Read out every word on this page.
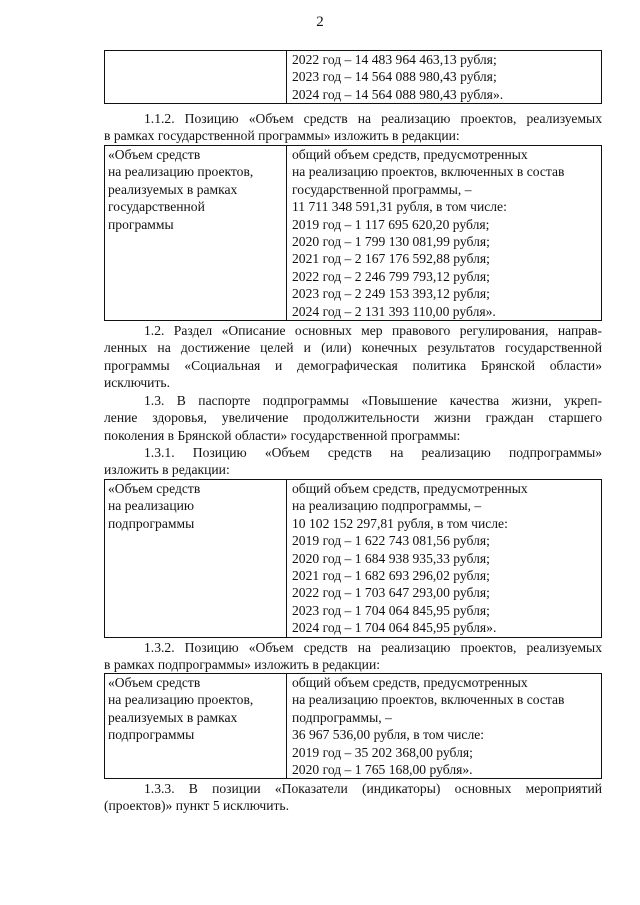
2

2022 год – 14 483 964 463,13 рубля;
2023 год – 14 564 088 980,43 рубля;
2024 год – 14 564 088 980,43 рубля».
1.1.2. Позицию «Объем средств на реализацию проектов, реализуемых
в рамках государственной программы» изложить в редакции:
«Объем средств
на реализацию проектов,
реализуемых в рамках
государственной
программы

общий объем средств, предусмотренных
на реализацию проектов, включенных в состав
государственной программы, –
11 711 348 591,31 рубля, в том числе:
2019 год – 1 117 695 620,20 рубля;
2020 год – 1 799 130 081,99 рубля;
2021 год – 2 167 176 592,88 рубля;
2022 год – 2 246 799 793,12 рубля;
2023 год – 2 249 153 393,12 рубля;
2024 год – 2 131 393 110,00 рубля».
1.2. Раздел «Описание основных мер правового регулирования, направ-
ленных на достижение целей и (или) конечных результатов государственной
программы «Социальная и демографическая политика Брянской области»
исключить.
1.3. В паспорте подпрограммы «Повышение качества жизни, укреп-
ление здоровья, увеличение продолжительности жизни граждан старшего
поколения в Брянской области» государственной программы:
1.3.1. Позицию «Объем средств на реализацию подпрограммы»
изложить в редакции:
«Объем средств
на реализацию
подпрограммы

общий объем средств, предусмотренных
на реализацию подпрограммы, –
10 102 152 297,81 рубля, в том числе:
2019 год – 1 622 743 081,56 рубля;
2020 год – 1 684 938 935,33 рубля;
2021 год – 1 682 693 296,02 рубля;
2022 год – 1 703 647 293,00 рубля;
2023 год – 1 704 064 845,95 рубля;
2024 год – 1 704 064 845,95 рубля».
1.3.2. Позицию «Объем средств на реализацию проектов, реализуемых
в рамках подпрограммы» изложить в редакции:
«Объем средств
на реализацию проектов,
реализуемых в рамках
подпрограммы

общий объем средств, предусмотренных
на реализацию проектов, включенных в состав
подпрограммы, –
36 967 536,00 рубля, в том числе:
2019 год – 35 202 368,00 рубля;
2020 год – 1 765 168,00 рубля».
1.3.3. В позиции «Показатели (индикаторы) основных мероприятий
(проектов)» пункт 5 исключить.
